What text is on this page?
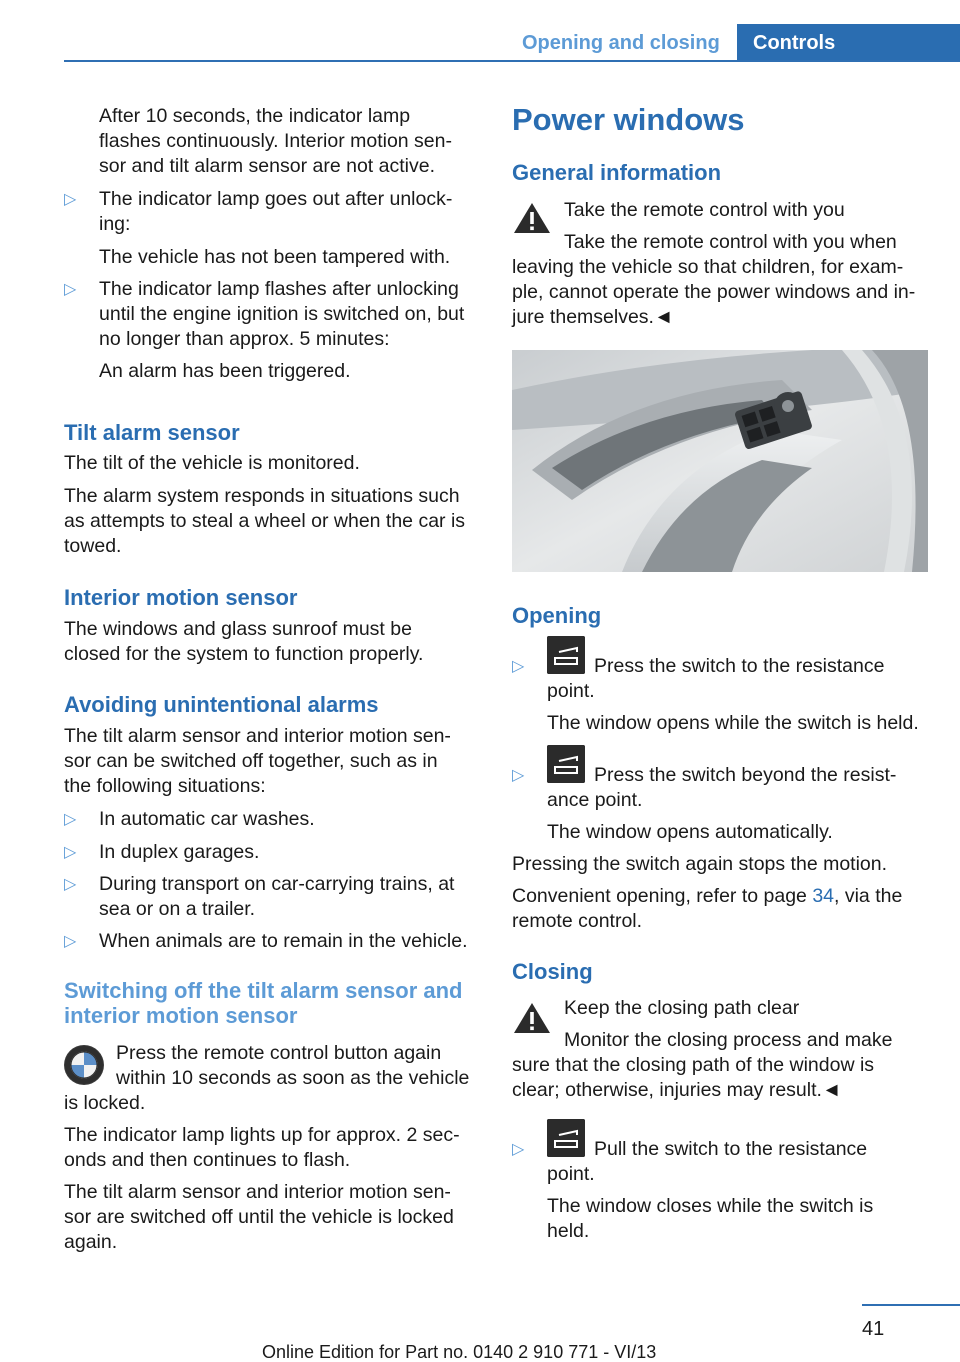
Opening and closing	Controls
After 10 seconds, the indicator lamp
flashes continuously. Interior motion sen-
sor and tilt alarm sensor are not active.
▷ The indicator lamp goes out after unlock-
ing:
The vehicle has not been tampered with.
▷ The indicator lamp flashes after unlocking
until the engine ignition is switched on, but
no longer than approx. 5 minutes:
An alarm has been triggered.
Tilt alarm sensor
The tilt of the vehicle is monitored.
The alarm system responds in situations such
as attempts to steal a wheel or when the car is
towed.
Interior motion sensor
The windows and glass sunroof must be
closed for the system to function properly.
Avoiding unintentional alarms
The tilt alarm sensor and interior motion sen-
sor can be switched off together, such as in
the following situations:
▷ In automatic car washes.
▷ In duplex garages.
▷ During transport on car-carrying trains, at
sea or on a trailer.
▷ When animals are to remain in the vehicle.
Switching off the tilt alarm sensor and
interior motion sensor
Press the remote control button again
within 10 seconds as soon as the vehicle
is locked.
The indicator lamp lights up for approx. 2 sec-
onds and then continues to flash.
The tilt alarm sensor and interior motion sen-
sor are switched off until the vehicle is locked
again.
Power windows
General information
Take the remote control with you
Take the remote control with you when
leaving the vehicle so that children, for exam-
ple, cannot operate the power windows and in-
jure themselves.◄
Opening
▷	Press the switch to the resistance
point.
The window opens while the switch is held.
▷	Press the switch beyond the resist-
ance point.
The window opens automatically.
Pressing the switch again stops the motion.
Convenient opening, refer to page 34, via the
remote control.
Closing
Keep the closing path clear
Monitor the closing process and make
sure that the closing path of the window is
clear; otherwise, injuries may result.◄
▷	Pull the switch to the resistance
point.
The window closes while the switch is
held.
41
Online Edition for Part no. 0140 2 910 771 - VI/13
